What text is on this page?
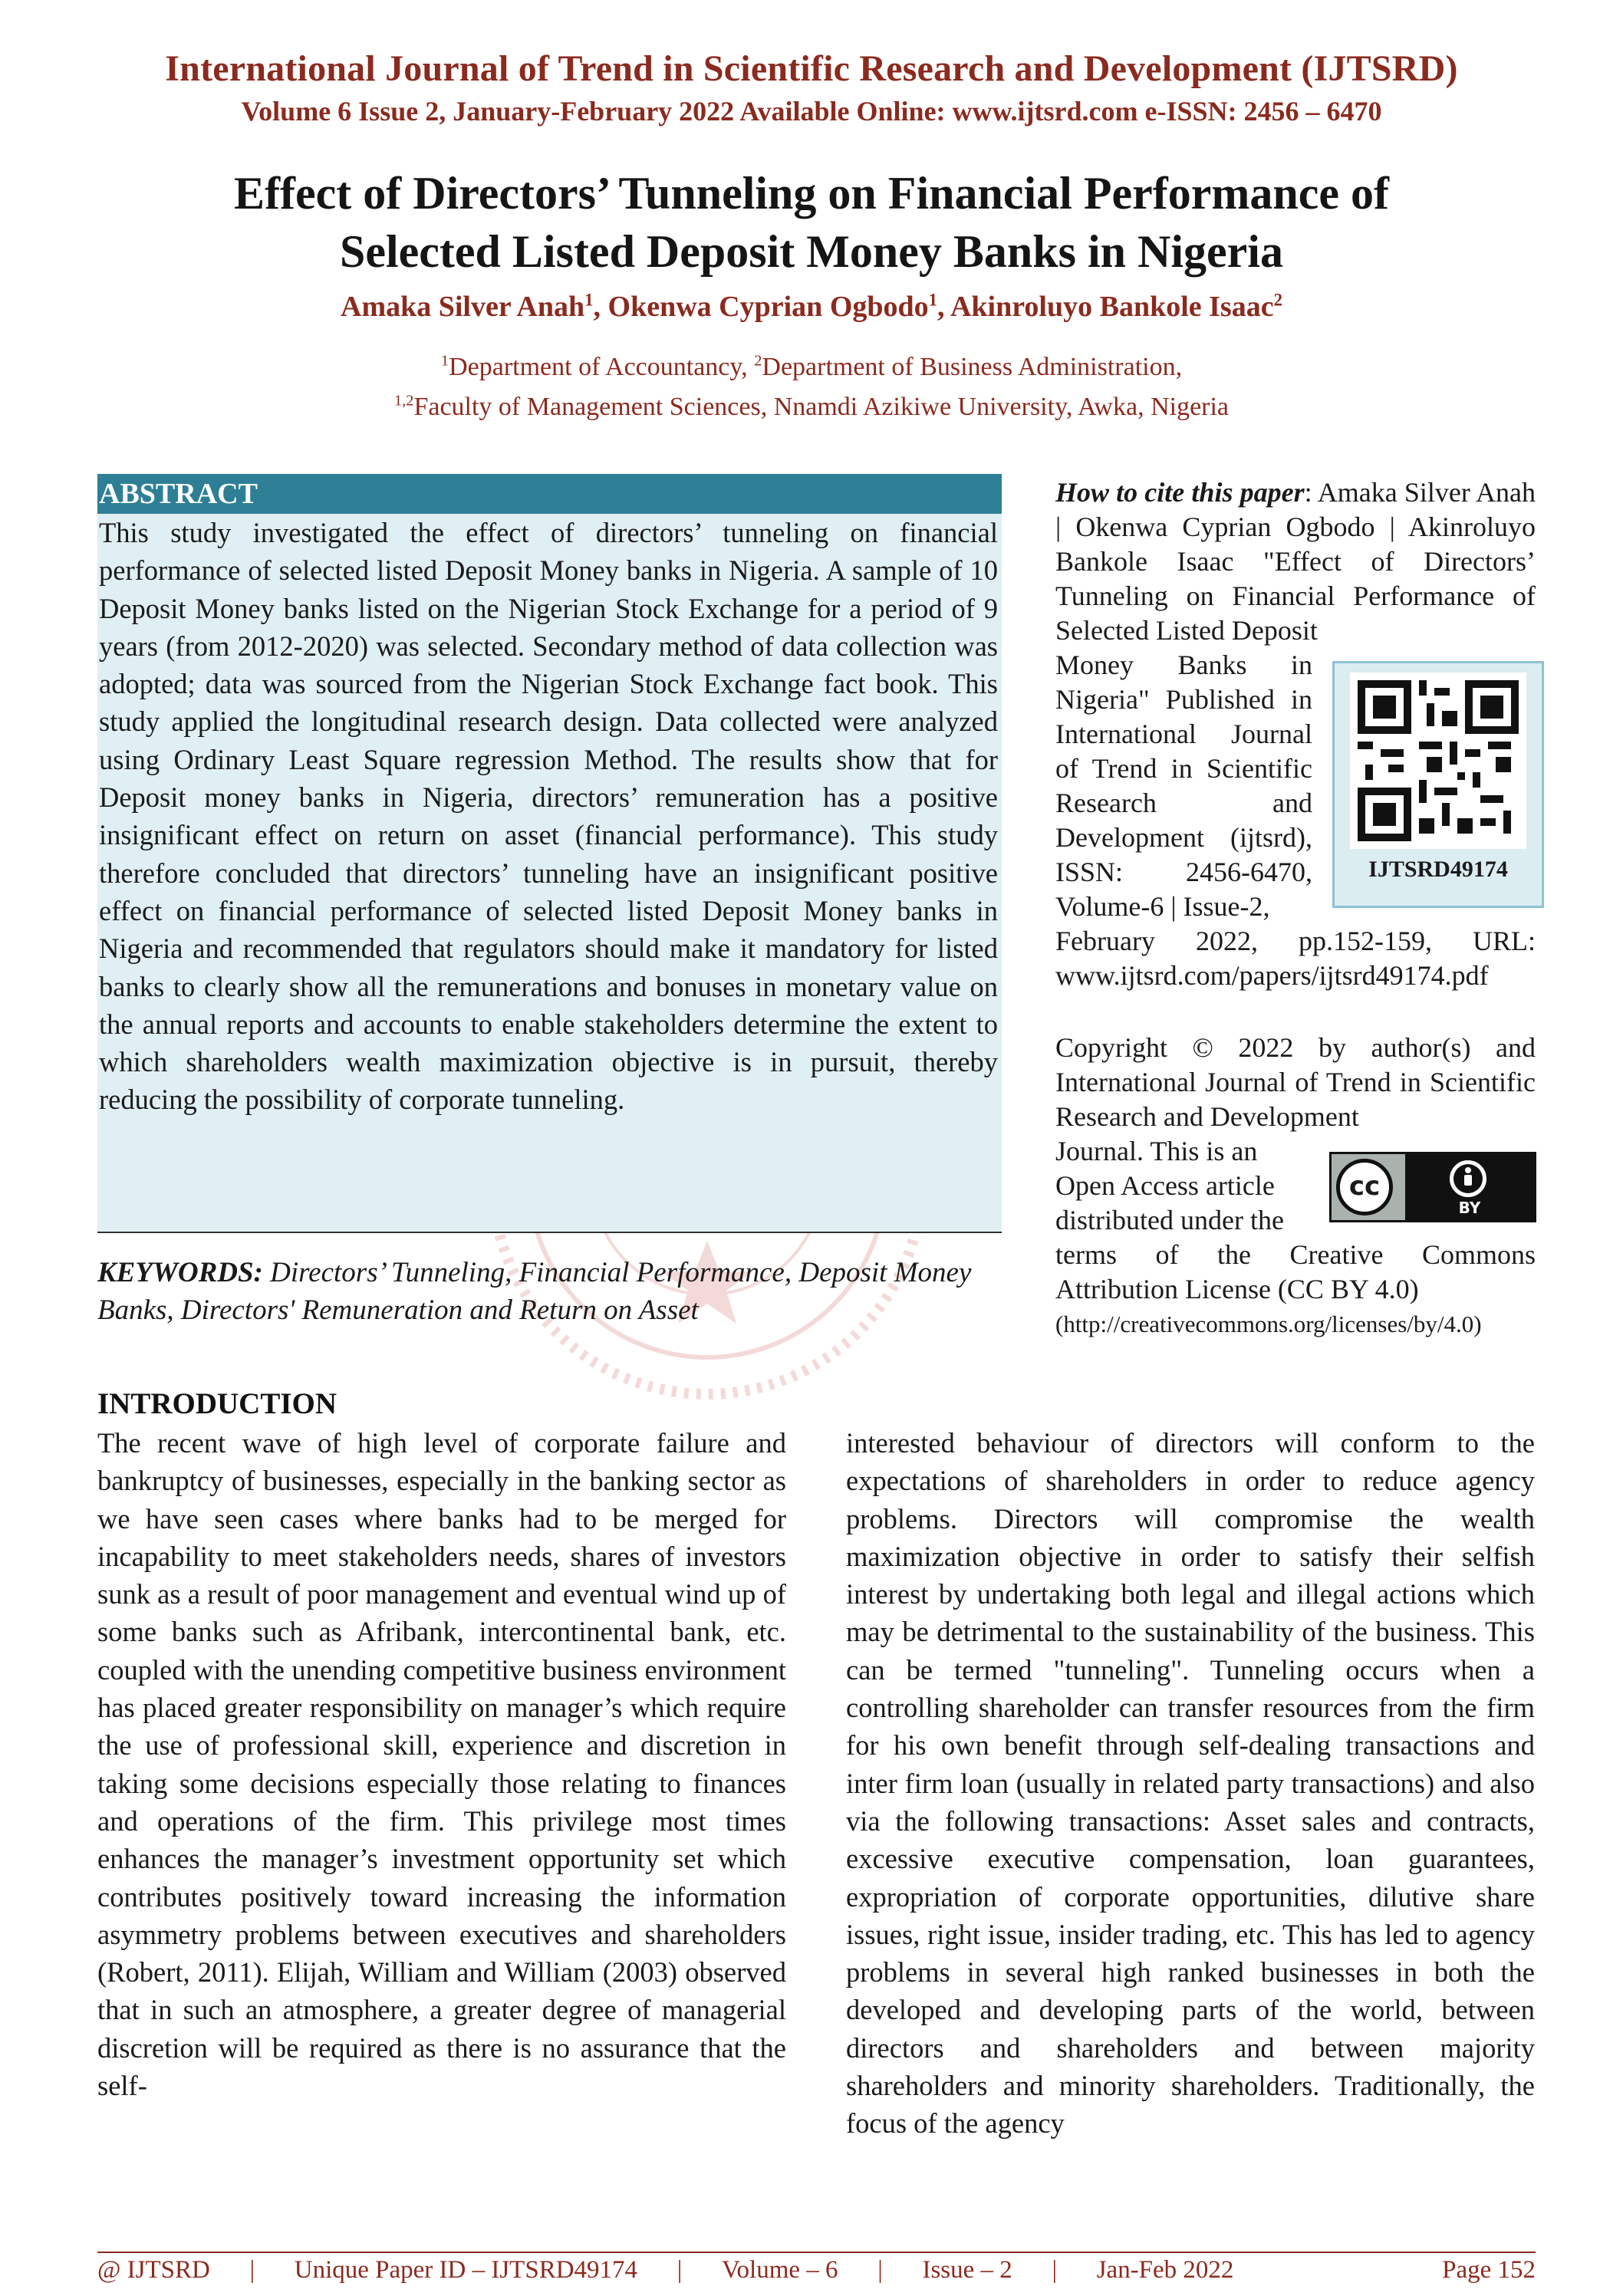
International Journal of Trend in Scientific Research and Development (IJTSRD)
Volume 6 Issue 2, January-February 2022 Available Online: www.ijtsrd.com e-ISSN: 2456 – 6470
Effect of Directors’ Tunneling on Financial Performance of
Selected Listed Deposit Money Banks in Nigeria
Amaka Silver Anah$^1$, Okenwa Cyprian Ogbodo$^1$, Akinroluyo Bankole Isaac$^2$
$^1$Department of Accountancy, $^2$Department of Business Administration,
$^{1,2}$Faculty of Management Sciences, Nnamdi Azikiwe University, Awka, Nigeria
ABSTRACT
This study investigated the effect of directors’ tunneling on financial performance of selected listed Deposit Money banks in Nigeria. A sample of 10 Deposit Money banks listed on the Nigerian Stock Exchange for a period of 9 years (from 2012-2020) was selected. Secondary method of data collection was adopted; data was sourced from the Nigerian Stock Exchange fact book. This study applied the longitudinal research design. Data collected were analyzed using Ordinary Least Square regression Method. The results show that for Deposit money banks in Nigeria, directors’ remuneration has a positive insignificant effect on return on asset (financial performance). This study therefore concluded that directors’ tunneling have an insignificant positive effect on financial performance of selected listed Deposit Money banks in Nigeria and recommended that regulators should make it mandatory for listed banks to clearly show all the remunerations and bonuses in monetary value on the annual reports and accounts to enable stakeholders determine the extent to which shareholders wealth maximization objective is in pursuit, thereby reducing the possibility of corporate tunneling.
KEYWORDS: Directors’ Tunneling, Financial Performance, Deposit Money Banks, Directors' Remuneration and Return on Asset
How to cite this paper: Amaka Silver Anah | Okenwa Cyprian Ogbodo | Akinroluyo Bankole Isaac "Effect of Directors’ Tunneling on Financial Performance of Selected Listed Deposit
Money Banks in Nigeria" Published in International Journal of Trend in Scientific Research and Development (ijtsrd), ISSN: 2456-6470, Volume-6 | Issue-2,
February 2022, pp.152-159, URL: www.ijtsrd.com/papers/ijtsrd49174.pdf
IJTSRD49174
Copyright © 2022 by author(s) and International Journal of Trend in Scientific Research and Development
Journal. This is an Open Access article distributed under the
terms of the Creative Commons Attribution License (CC BY 4.0)
(http://creativecommons.org/licenses/by/4.0)
cc
BY
INTRODUCTION
The recent wave of high level of corporate failure and bankruptcy of businesses, especially in the banking sector as we have seen cases where banks had to be merged for incapability to meet stakeholders needs, shares of investors sunk as a result of poor management and eventual wind up of some banks such as Afribank, intercontinental bank, etc. coupled with the unending competitive business environment has placed greater responsibility on manager’s which require the use of professional skill, experience and discretion in taking some decisions especially those relating to finances and operations of the firm. This privilege most times enhances the manager’s investment opportunity set which contributes positively toward increasing the information asymmetry problems between executives and shareholders (Robert, 2011). Elijah, William and William (2003) observed that in such an atmosphere, a greater degree of managerial discretion will be required as there is no assurance that the self-
interested behaviour of directors will conform to the expectations of shareholders in order to reduce agency problems. Directors will compromise the wealth maximization objective in order to satisfy their selfish interest by undertaking both legal and illegal actions which may be detrimental to the sustainability of the business. This can be termed "tunneling". Tunneling occurs when a controlling shareholder can transfer resources from the firm for his own benefit through self-dealing transactions and inter firm loan (usually in related party transactions) and also via the following transactions: Asset sales and contracts, excessive executive compensation, loan guarantees, expropriation of corporate opportunities, dilutive share issues, right issue, insider trading, etc. This has led to agency problems in several high ranked businesses in both the developed and developing parts of the world, between directors and shareholders and between majority shareholders and minority shareholders. Traditionally, the focus of the agency
@ IJTSRD | Unique Paper ID – IJTSRD49174 | Volume – 6 | Issue – 2 | Jan-Feb 2022	Page 152
